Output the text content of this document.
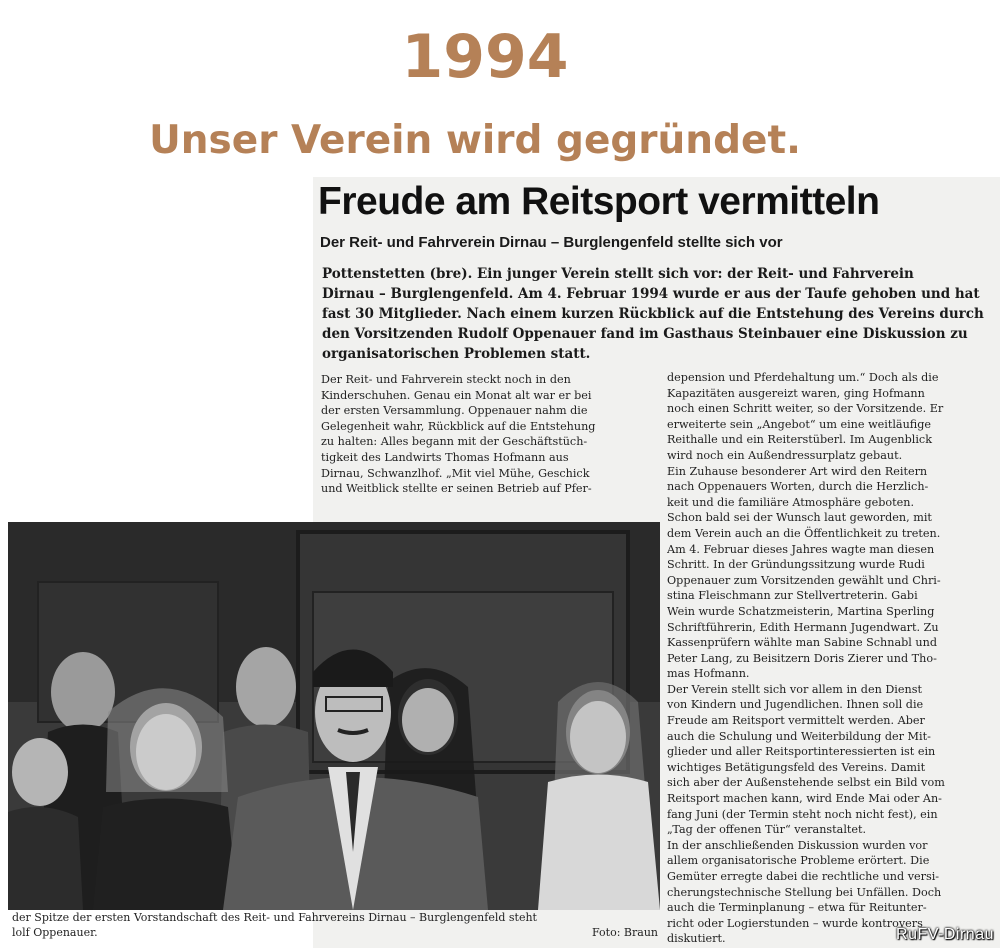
1994
Unser Verein wird gegründet.
Freude am Reitsport vermitteln
Der Reit- und Fahrverein Dirnau – Burglengenfeld stellte sich vor
Pottenstetten (bre). Ein junger Verein stellt sich vor: der Reit- und Fahrverein
Dirnau – Burglengenfeld. Am 4. Februar 1994 wurde er aus der Taufe gehoben und hat
fast 30 Mitglieder. Nach einem kurzen Rückblick auf die Entstehung des Vereins durch
den Vorsitzenden Rudolf Oppenauer fand im Gasthaus Steinbauer eine Diskussion zu
organisatorischen Problemen statt.
Der Reit- und Fahrverein steckt noch in den
Kinderschuhen. Genau ein Monat alt war er bei
der ersten Versammlung. Oppenauer nahm die
Gelegenheit wahr, Rückblick auf die Entstehung
zu halten: Alles begann mit der Geschäftstüch-
tigkeit des Landwirts Thomas Hofmann aus
Dirnau, Schwanzlhof. „Mit viel Mühe, Geschick
und Weitblick stellte er seinen Betrieb auf Pfer-
depension und Pferdehaltung um.“ Doch als die
Kapazitäten ausgereizt waren, ging Hofmann
noch einen Schritt weiter, so der Vorsitzende. Er
erweiterte sein „Angebot“ um eine weitläufige
Reithalle und ein Reiterstüberl. Im Augenblick
wird noch ein Außendressurplatz gebaut.
Ein Zuhause besonderer Art wird den Reitern
nach Oppenauers Worten, durch die Herzlich-
keit und die familiäre Atmosphäre geboten.
Schon bald sei der Wunsch laut geworden, mit
dem Verein auch an die Öffentlichkeit zu treten.
Am 4. Februar dieses Jahres wagte man diesen
Schritt. In der Gründungssitzung wurde Rudi
Oppenauer zum Vorsitzenden gewählt und Chri-
stina Fleischmann zur Stellvertreterin. Gabi
Wein wurde Schatzmeisterin, Martina Sperling
Schriftführerin, Edith Hermann Jugendwart. Zu
Kassenprüfern wählte man Sabine Schnabl und
Peter Lang, zu Beisitzern Doris Zierer und Tho-
mas Hofmann.
Der Verein stellt sich vor allem in den Dienst
von Kindern und Jugendlichen. Ihnen soll die
Freude am Reitsport vermittelt werden. Aber
auch die Schulung und Weiterbildung der Mit-
glieder und aller Reitsportinteressierten ist ein
wichtiges Betätigungsfeld des Vereins. Damit
sich aber der Außenstehende selbst ein Bild vom
Reitsport machen kann, wird Ende Mai oder An-
fang Juni (der Termin steht noch nicht fest), ein
„Tag der offenen Tür“ veranstaltet.
In der anschließenden Diskussion wurden vor
allem organisatorische Probleme erörtert. Die
Gemüter erregte dabei die rechtliche und versi-
cherungstechnische Stellung bei Unfällen. Doch
auch die Terminplanung – etwa für Reitunter-
richt oder Logierstunden – wurde kontrovers
diskutiert.
der Spitze der ersten Vorstandschaft des Reit- und Fahrvereins Dirnau – Burglengenfeld steht
lolf Oppenauer.	Foto: Braun	RuFV-Dirnau
